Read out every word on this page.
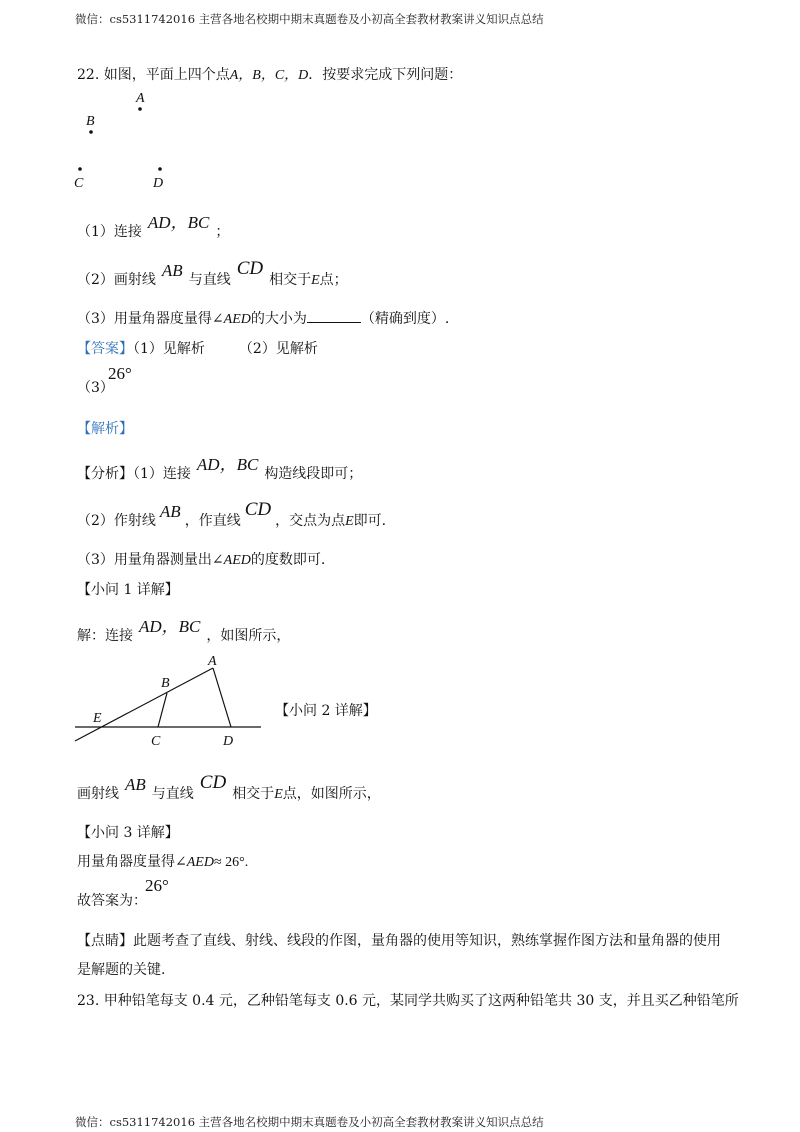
微信：cs5311742016 主营各地名校期中期末真题卷及小初高全套教材教案讲义知识点总结
22. 如图，平面上四个点A，B，C，D．按要求完成下列问题：
A
B
C	D
（1）连接 AD，BC ；
（2）画射线 AB 与直线CD相交于E点；
（3）用量角器度量得∠AED的大小为	（精确到度）.
【答案】（1）见解析 （2）见解析
（3）
26°
【解析】
【分析】（1）连接 AD，BC 构造线段即可；
（2）作射线 AB ，作直线CD，交点为点E即可.
（3）用量角器测量出∠AED的度数即可.
【小问 1 详解】
解：连接 AD，BC ，如图所示，
A
B
C	D
E	【小问 2 详解】
画射线 AB 与直线CD相交于E点，如图所示，
【小问 3 详解】
用量角器度量得∠AED≈ 26°.
故答案为：
26°
【点睛】此题考查了直线、射线、线段的作图，量角器的使用等知识，熟练掌握作图方法和量角器的使用
是解题的关键.
23. 甲种铅笔每支 0.4 元，乙种铅笔每支 0.6 元，某同学共购买了这两种铅笔共 30 支，并且买乙种铅笔所
微信：cs5311742016 主营各地名校期中期末真题卷及小初高全套教材教案讲义知识点总结
